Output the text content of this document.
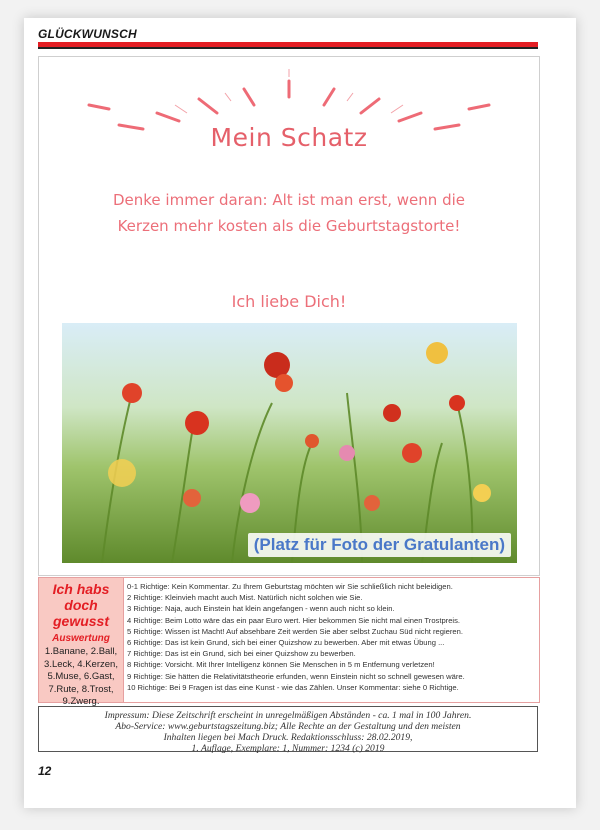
GLÜCKWUNSCH
Mein Schatz
Denke immer daran: Alt ist man erst, wenn die
Kerzen mehr kosten als die Geburtstagstorte!
Ich liebe Dich!
(Platz für Foto der Gratulanten)
Ich habs doch
gewusst
Auswertung
1.Banane, 2.Ball,
3.Leck, 4.Kerzen,
5.Muse, 6.Gast,
7.Rute, 8.Trost,
9.Zwerg.
0-1 Richtige: Kein Kommentar. Zu Ihrem Geburtstag möchten wir Sie schließlich nicht beleidigen.
2 Richtige: Kleinvieh macht auch Mist. Natürlich nicht solchen wie Sie.
3 Richtige: Naja, auch Einstein hat klein angefangen - wenn auch nicht so klein.
4 Richtige: Beim Lotto wäre das ein paar Euro wert. Hier bekommen Sie nicht mal einen Trostpreis.
5 Richtige: Wissen ist Macht! Auf absehbare Zeit werden Sie aber selbst Zuchau Süd nicht regieren.
6 Richtige: Das ist kein Grund, sich bei einer Quizshow zu bewerben. Aber mit etwas Übung ...
7 Richtige: Das ist ein Grund, sich bei einer Quizshow zu bewerben.
8 Richtige: Vorsicht. Mit Ihrer Intelligenz können Sie Menschen in 5 m Entfernung verletzen!
9 Richtige: Sie hätten die Relativitätstheorie erfunden, wenn Einstein nicht so schnell gewesen wäre.
10 Richtige: Bei 9 Fragen ist das eine Kunst - wie das Zählen. Unser Kommentar: siehe 0 Richtige.
Impressum: Diese Zeitschrift erscheint in unregelmäßigen Abständen - ca. 1 mal in 100 Jahren.
Abo-Service: www.geburtstagszeitung.biz; Alle Rechte an der Gestaltung und den meisten
Inhalten liegen bei Mach Druck. Redaktionsschluss: 28.02.2019,
1. Auflage, Exemplare: 1, Nummer: 1234 (c) 2019
12
